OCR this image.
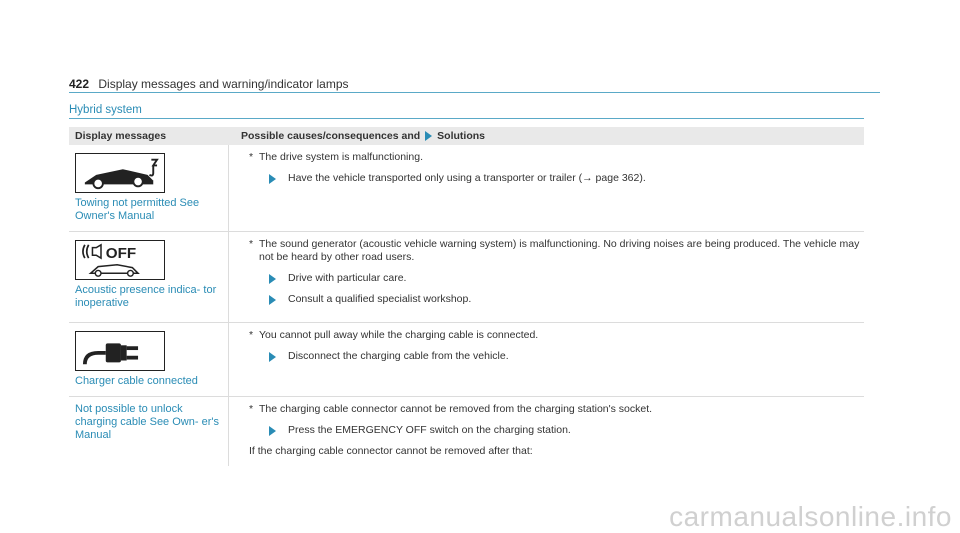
422 Display messages and warning/indicator lamps
Hybrid system
Display messages	Possible causes/consequences and Solutions
Towing not permitted See Owner's Manual
* The drive system is malfunctioning.
Have the vehicle transported only using a transporter or trailer (→ page 362).
OFF
Acoustic presence indica- tor inoperative
* The sound generator (acoustic vehicle warning system) is malfunctioning. No driving noises are being produced. The vehicle may not be heard by other road users.
Drive with particular care.
Consult a qualified specialist workshop.
Charger cable connected
* You cannot pull away while the charging cable is connected.
Disconnect the charging cable from the vehicle.
Not possible to unlock charging cable See Own- er's Manual
* The charging cable connector cannot be removed from the charging station's socket.
Press the EMERGENCY OFF switch on the charging station.
If the charging cable connector cannot be removed after that:
carmanualsonline.info
